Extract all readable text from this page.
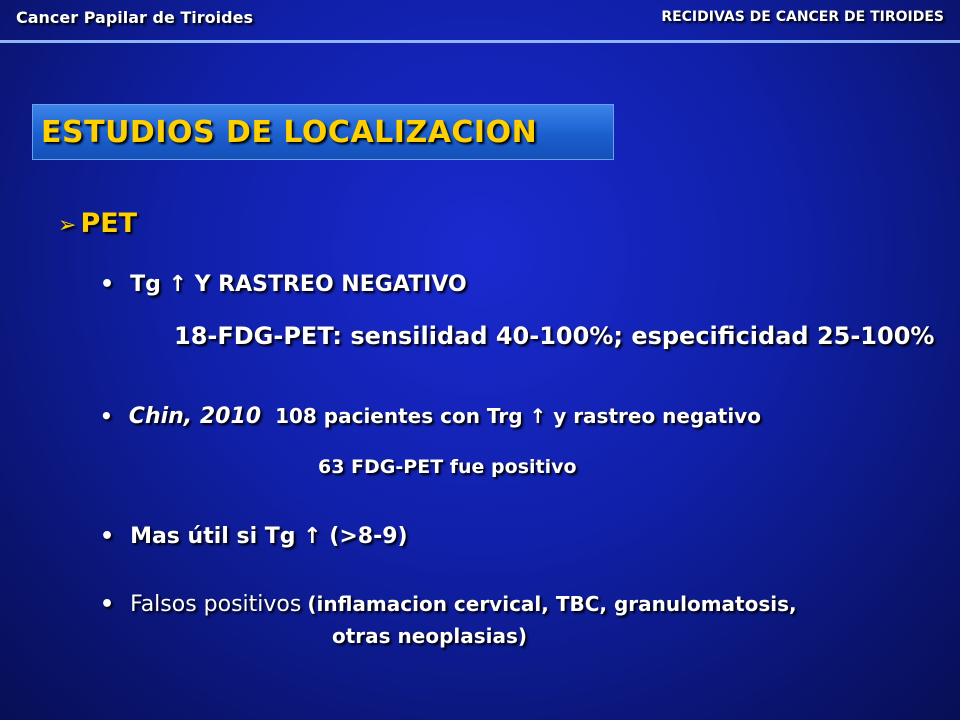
Cancer Papilar de Tiroides	RECIDIVAS DE CANCER DE TIROIDES
ESTUDIOS DE LOCALIZACION
➢ PET
• Tg ↑ Y RASTREO NEGATIVO
18-FDG-PET: sensilidad 40-100%; especificidad 25-100%
• Chin, 2010 108 pacientes con Trg ↑ y rastreo negativo
63 FDG-PET fue positivo
• Mas útil si Tg ↑ (>8-9)
• Falsos positivos (inflamacion cervical, TBC, granulomatosis,
otras neoplasias)
